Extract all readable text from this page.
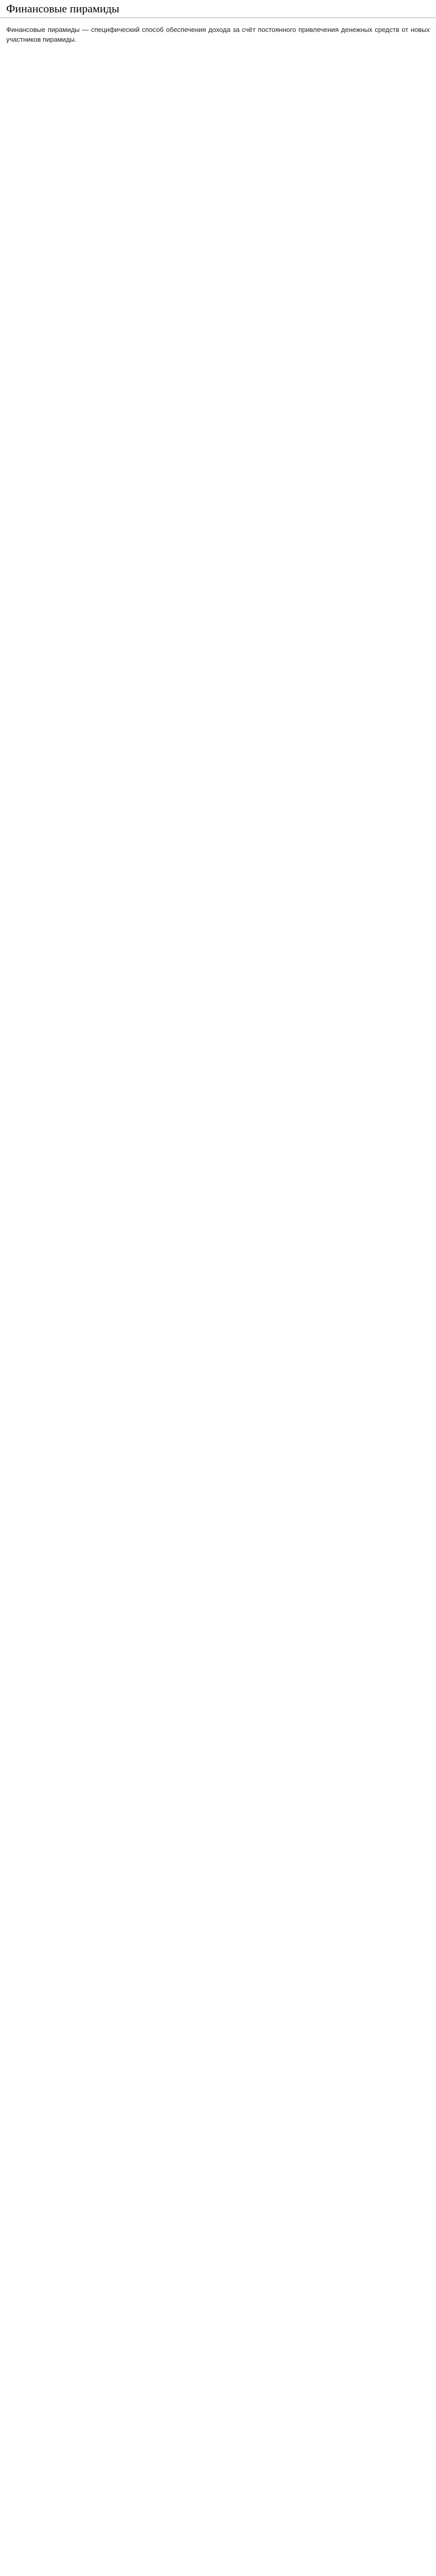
Финансовые пирамиды

Финансовые пирамиды — специфический способ обеспечения дохода за счёт постоянного привлечения денежных средств от новых участников пирамиды.
